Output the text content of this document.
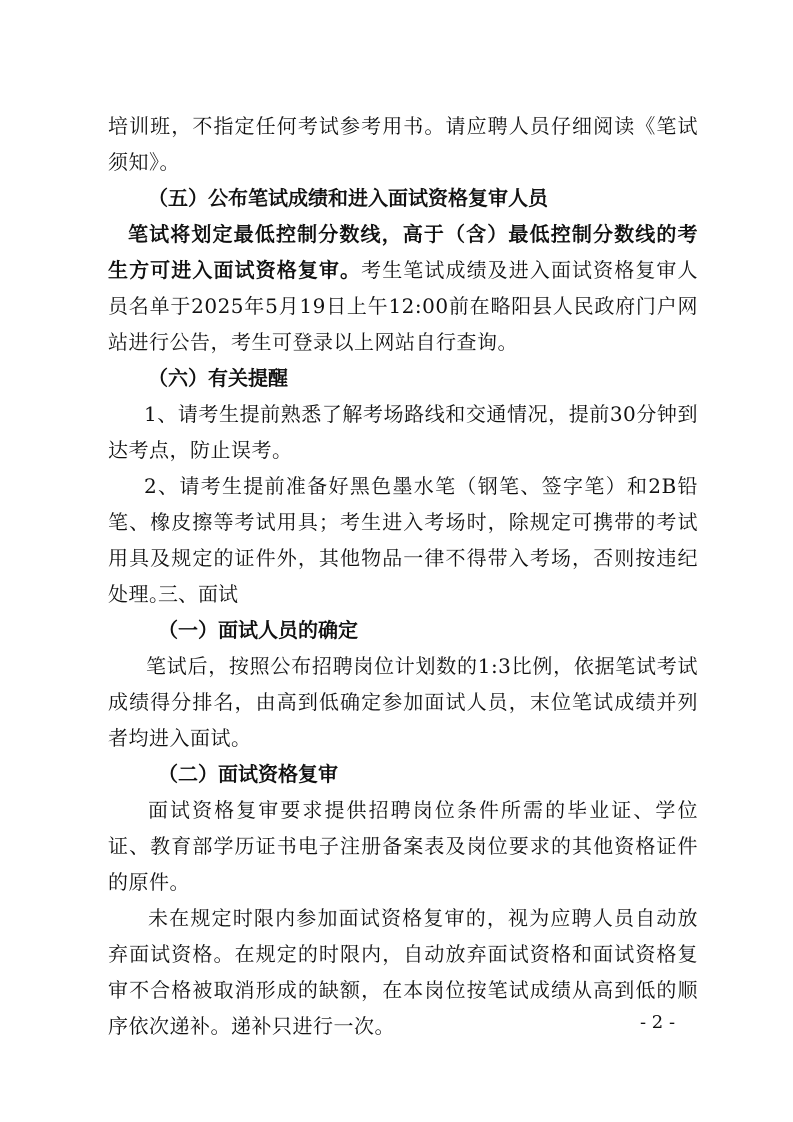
培训班，不指定任何考试参考用书。请应聘人员仔细阅读《笔试须知》。
（五）公布笔试成绩和进入面试资格复审人员
笔试将划定最低控制分数线，高于（含）最低控制分数线的考生方可进入面试资格复审。考生笔试成绩及进入面试资格复审人员名单于2025年5月19日上午12:00前在略阳县人民政府门户网站进行公告，考生可登录以上网站自行查询。
（六）有关提醒
1、请考生提前熟悉了解考场路线和交通情况，提前30分钟到达考点，防止误考。
2、请考生提前准备好黑色墨水笔（钢笔、签字笔）和2B铅笔、橡皮擦等考试用具；考生进入考场时，除规定可携带的考试用具及规定的证件外，其他物品一律不得带入考场，否则按违纪处理。
三、面试
（一）面试人员的确定
笔试后，按照公布招聘岗位计划数的1:3比例，依据笔试考试成绩得分排名，由高到低确定参加面试人员，末位笔试成绩并列者均进入面试。
（二）面试资格复审
面试资格复审要求提供招聘岗位条件所需的毕业证、学位证、教育部学历证书电子注册备案表及岗位要求的其他资格证件的原件。
未在规定时限内参加面试资格复审的，视为应聘人员自动放弃面试资格。在规定的时限内，自动放弃面试资格和面试资格复审不合格被取消形成的缺额，在本岗位按笔试成绩从高到低的顺序依次递补。递补只进行一次。	- 2 -
